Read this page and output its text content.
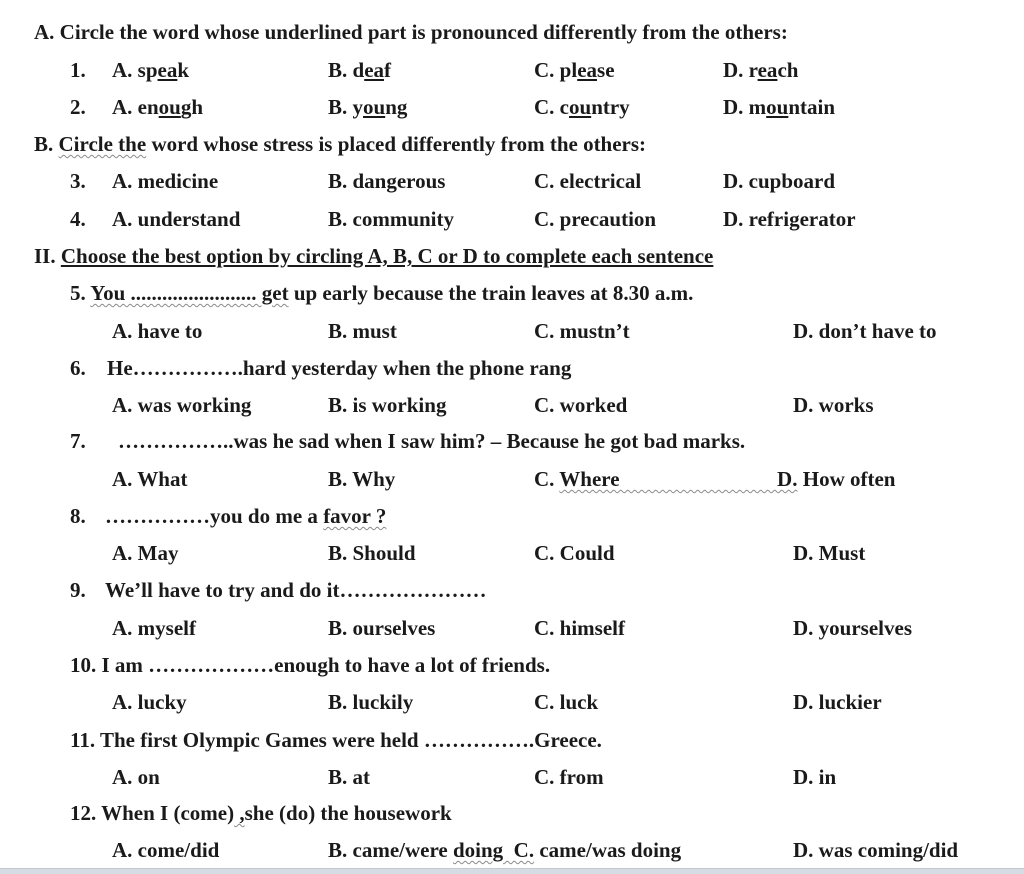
A. Circle the word whose underlined part is pronounced differently from the others:
1. A. speak	B. deaf	C. please	D. reach
2. A. enough	B. young	C. country	D. mountain
B. Circle the word whose stress is placed differently from the others:
3. A. medicine	B. dangerous	C. electrical	D. cupboard
4. A. understand	B. community	C. precaution	D. refrigerator
II. Choose the best option by circling A, B, C or D to complete each sentence
5. You ........................ get up early because the train leaves at 8.30 a.m.
A. have to	B. must	C. mustn’t	D. don’t have to
6. He…………….hard yesterday when the phone rang
A. was working	B. is working	C. worked	D. works
7. ……………..was he sad when I saw him? – Because he got bad marks.
A. What	B. Why	C. Where                              D. How often
8. ……………you do me a favor ?
A. May	B. Should	C. Could	D. Must
9. We’ll have to try and do it…………………
A. myself	B. ourselves	C. himself	D. yourselves
10. I am ………………enough to have a lot of friends.
A. lucky	B. luckily	C. luck	D. luckier
11. The first Olympic Games were held …………….Greece.
A. on	B. at	C. from	D. in
12. When I (come) ,she (do) the housework
A. come/did	B. came/were doing  C. came/was doing	D. was coming/did
